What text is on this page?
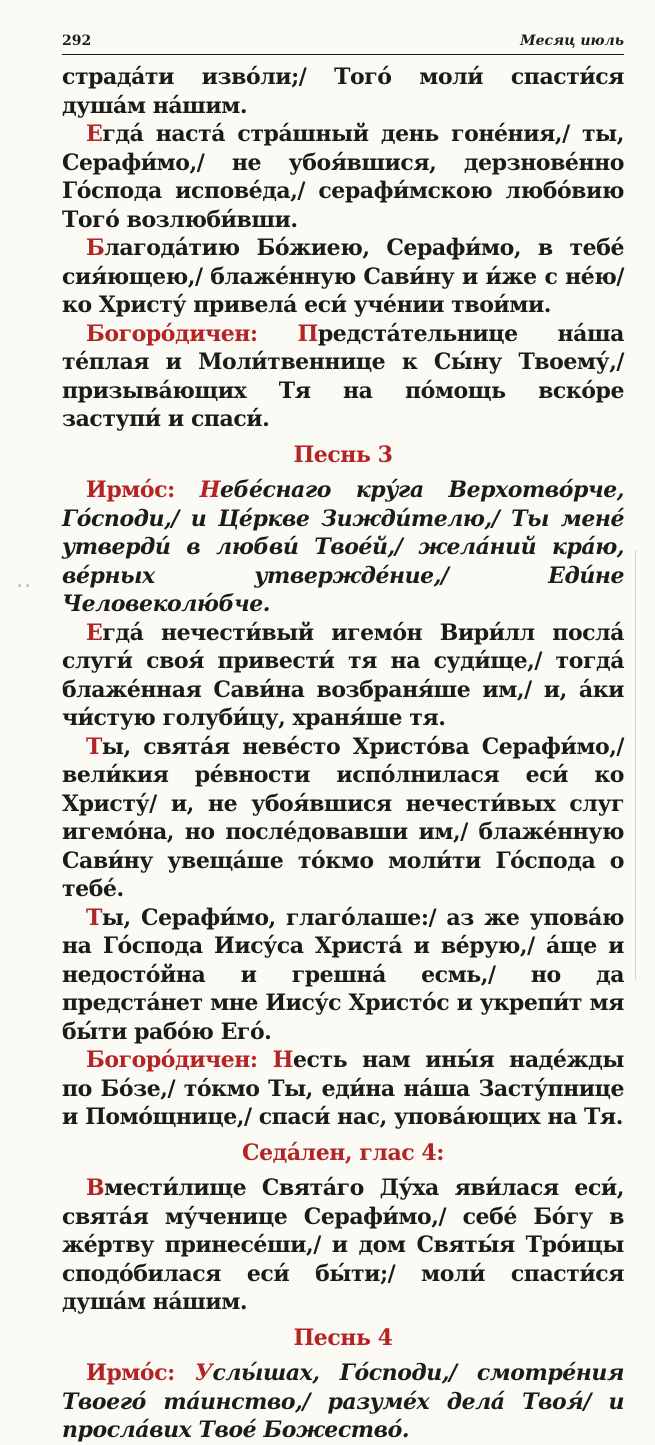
292	Месяц июль

страда́ти изво́ли;/ Того́ моли́ спасти́ся душа́м на́шим.

Егда́ наста́ стра́шный день гоне́ния,/ ты, Серафи́мо,/ не убоя́вшися, дерзнове́нно Го́спода испове́да,/ серафи́мскою любо́вию Того́ возлюби́вши.

Благода́тию Бо́жиею, Серафи́мо, в тебе́ сия́ющею,/ блаже́нную Сави́ну и и́же с не́ю/ ко Христу́ привела́ еси́ уче́нии твои́ми.

Богоро́дичен: Предста́тельнице на́ша те́плая и Моли́твеннице к Сы́ну Твоему́,/ призыва́ющих Тя на по́мощь вско́ре заступи́ и спаси́.

Песнь 3

Ирмо́с: Небе́снаго кру́га Верхотво́рче, Го́споди,/ и Це́ркве Зижди́телю,/ Ты мене́ утверди́ в любви́ Твое́й,/ жела́ний кра́ю, ве́рных утвержде́ние,/ Еди́не Человеколю́бче.

Егда́ нечести́вый игемо́н Вири́лл посла́ слуги́ своя́ привести́ тя на суди́ще,/ тогда́ блаже́нная Сави́на возбраня́ше им,/ и, а́ки чи́стую голуби́цу, храня́ше тя.

Ты, свята́я неве́сто Христо́ва Серафи́мо,/ вели́кия ре́вности испо́лнилася еси́ ко Христу́/ и, не убоя́вшися нечести́вых слуг игемо́на, но после́довавши им,/ блаже́нную Сави́ну увеща́ше то́кмо моли́ти Го́спода о тебе́.

Ты, Серафи́мо, глаго́лаше:/ аз же упова́ю на Го́спода Иису́са Христа́ и ве́рую,/ а́ще и недосто́йна и грешна́ есмь,/ но да предста́нет мне Иису́с Христо́с и укрепи́т мя бы́ти рабо́ю Его́.

Богоро́дичен: Несть нам ины́я наде́жды по Бо́зе,/ то́кмо Ты, еди́на на́ша Засту́пнице и Помо́щнице,/ спаси́ нас, упова́ющих на Тя.

Седа́лен, глас 4:

Вмести́лище Свята́го Ду́ха яви́лася еси́, свята́я му́ченице Серафи́мо,/ себе́ Бо́гу в же́ртву принесе́ши,/ и дом Святы́я Тро́ицы сподо́билася еси́ бы́ти;/ моли́ спасти́ся душа́м на́шим.

Песнь 4

Ирмо́с: Услы́шах, Го́споди,/ смотре́ния Твоего́ та́инство,/ разуме́х дела́ Твоя́/ и просла́вих Твое́ Божество́.
